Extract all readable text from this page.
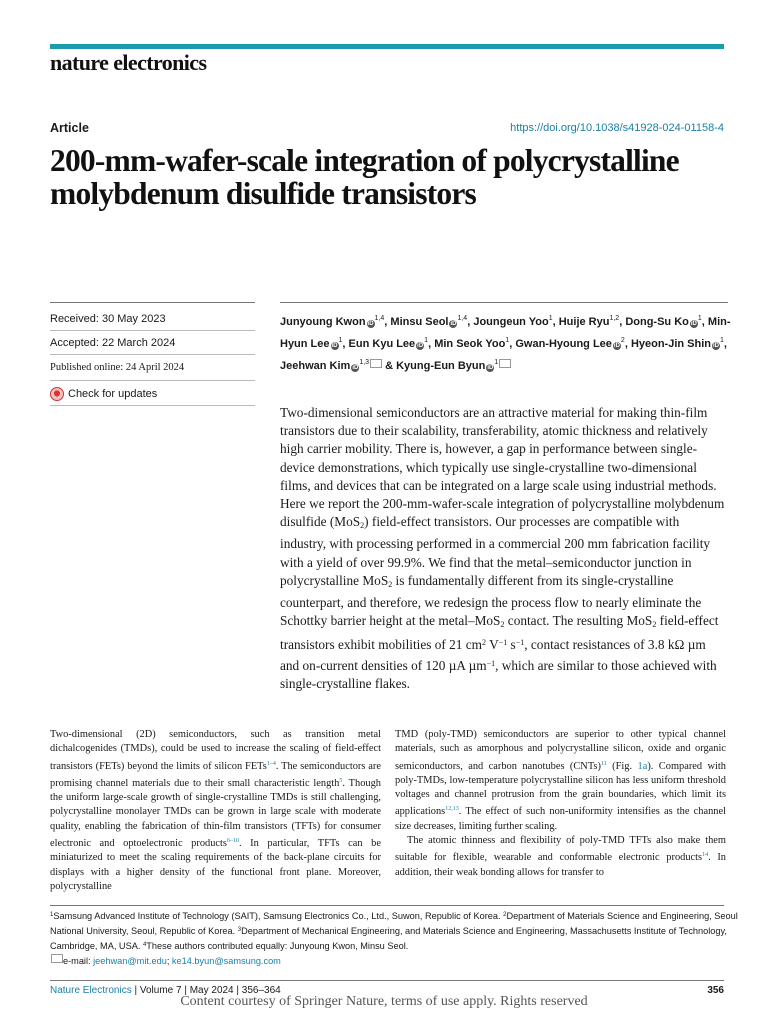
nature electronics
Article	https://doi.org/10.1038/s41928-024-01158-4
200-mm-wafer-scale integration of polycrystalline molybdenum disulfide transistors
Received: 30 May 2023
Accepted: 22 March 2024
Published online: 24 April 2024
Check for updates
Junyoung Kwon iD$^{1,4}$, Minsu Seol iD$^{1,4}$, Joungeun Yoo$^1$, Huije Ryu$^{1,2}$, Dong-Su Ko $iD^1$, Min-Hyun Lee $iD^1$, Eun Kyu Lee $iD^1$, Min Seok Yoo$^1$, Gwan-Hyoung Lee $iD^2$, Hyeon-Jin Shin $iD^1$, Jeehwan Kim iD$^{1,3}$ & Kyung-Eun Byun $iD^1$

Two-dimensional semiconductors are an attractive material for making thin-film transistors due to their scalability, transferability, atomic thickness and relatively high carrier mobility. There is, however, a gap in performance between single-device demonstrations, which typically use single-crystalline two-dimensional films, and devices that can be integrated on a large scale using industrial methods. Here we report the 200-mm-wafer-scale integration of polycrystalline molybdenum disulfide (MoS$_2$) field-effect transistors. Our processes are compatible with industry, with processing performed in a commercial 200 mm fabrication facility with a yield of over 99.9%. We find that the metal–semiconductor junction in polycrystalline MoS$_2$ is fundamentally different from its single-crystalline counterpart, and therefore, we redesign the process flow to nearly eliminate the Schottky barrier height at the metal–MoS$_2$ contact. The resulting MoS$_2$ field-effect transistors exhibit mobilities of 21 $cm^2$ $V^{-1}$ $s^{-1}$, contact resistances of 3.8 kΩ µm and on-current densities of 120 µA µm$^{-1}$, which are similar to those achieved with single-crystalline flakes.

Two-dimensional (2D) semiconductors, such as transition metal dichalcogenides (TMDs), could be used to increase the scaling of field-effect transistors (FETs) beyond the limits of silicon FETs$^{1-4}$. The semiconductors are promising channel materials due to their small characteristic length$^5$. Though the uniform large-scale growth of single-crystalline TMDs is still challenging, polycrystalline monolayer TMDs can be grown in large scale with moderate quality, enabling the fabrication of thin-film transistors (TFTs) for consumer electronic and optoelectronic products$^{6-10}$. In particular, TFTs can be miniaturized to meet the scaling requirements of the back-plane circuits for displays with a higher density of the functional front plane. Moreover, polycrystalline

TMD (poly-TMD) semiconductors are superior to other typical channel materials, such as amorphous and polycrystalline silicon, oxide and organic semiconductors, and carbon nanotubes (CNTs)$^{11}$ (Fig. 1a). Compared with poly-TMDs, low-temperature polycrystalline silicon has less uniform threshold voltages and channel protrusion from the grain boundaries, which limit its applications$^{12,13}$. The effect of such non-uniformity intensifies as the channel size decreases, limiting further scaling.

The atomic thinness and flexibility of poly-TMD TFTs also make them suitable for flexible, wearable and conformable electronic products$^{14}$. In addition, their weak bonding allows for transfer to

$^1$Samsung Advanced Institute of Technology (SAIT), Samsung Electronics Co., Ltd., Suwon, Republic of Korea. $^2$Department of Materials Science and Engineering, Seoul National University, Seoul, Republic of Korea. $^3$Department of Mechanical Engineering, and Materials Science and Engineering, Massachusetts Institute of Technology, Cambridge, MA, USA. $^4$These authors contributed equally: Junyoung Kwon, Minsu Seol.
e-mail: jeehwan@mit.edu; ke14.byun@samsung.com
Nature Electronics | Volume 7 | May 2024 | 356–364	356
Content courtesy of Springer Nature, terms of use apply. Rights reserved
